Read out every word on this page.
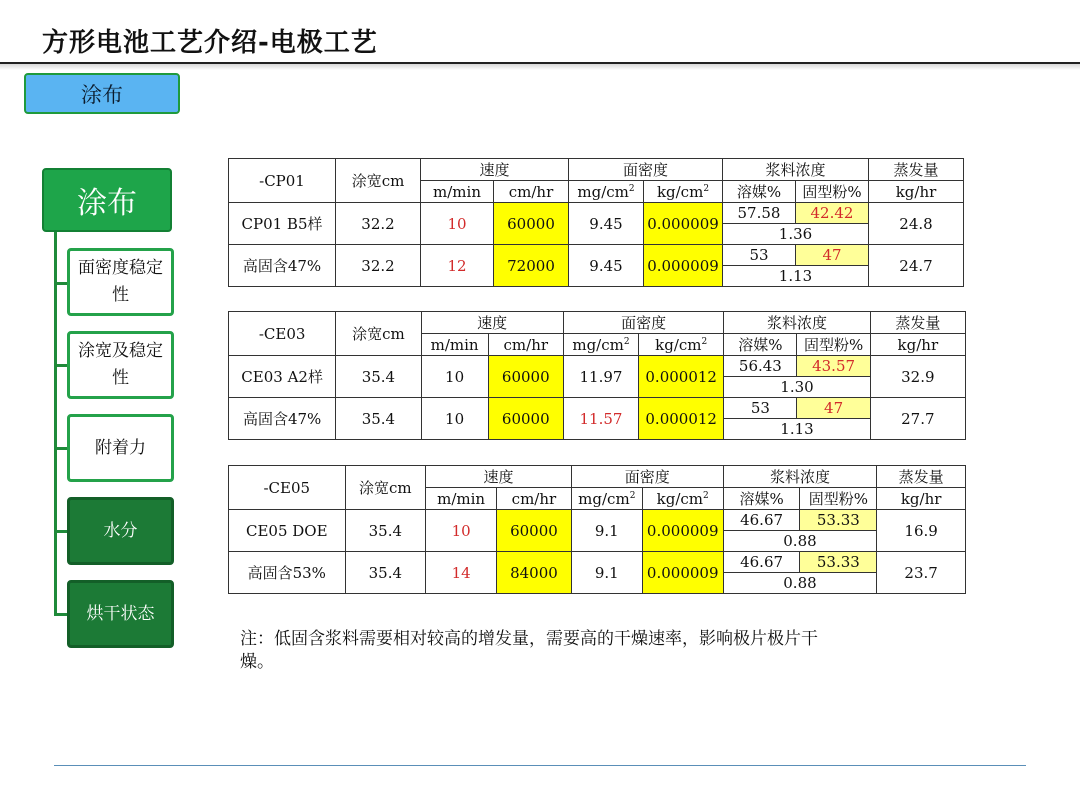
方形电池工艺介绍-电极工艺
涂布
涂布
面密度稳定性
涂宽及稳定性
附着力
水分
烘干状态
-CP01	涂宽cm	速度		面密度		浆料浓度		蒸发量
		m/min	cm/hr	$mg/cm^2$	$kg/cm^2$	溶媒%	固型粉%	kg/hr
CP01 B5样	32.2	10	60000	9.45	0.000009	57.58	42.42	24.8
						1.36		
高固含47%	32.2	12	72000	9.45	0.000009	53	47	24.7
						1.13		
-CE03	涂宽cm	速度		面密度		浆料浓度		蒸发量
		m/min	cm/hr	$mg/cm^2$	$kg/cm^2$	溶媒%	固型粉%	kg/hr
CE03 A2样	35.4	10	60000	11.97	0.000012	56.43	43.57	32.9
						1.30		
高固含47%	35.4	10	60000	11.57	0.000012	53	47	27.7
						1.13		
-CE05	涂宽cm	速度		面密度		浆料浓度		蒸发量
		m/min	cm/hr	$mg/cm^2$	$kg/cm^2$	溶媒%	固型粉%	kg/hr
CE05 DOE	35.4	10	60000	9.1	0.000009	46.67	53.33	16.9
						0.88		
高固含53%	35.4	14	84000	9.1	0.000009	46.67	53.33	23.7
						0.88		
注：低固含浆料需要相对较高的增发量，需要高的干燥速率，影响极片极片干燥。
